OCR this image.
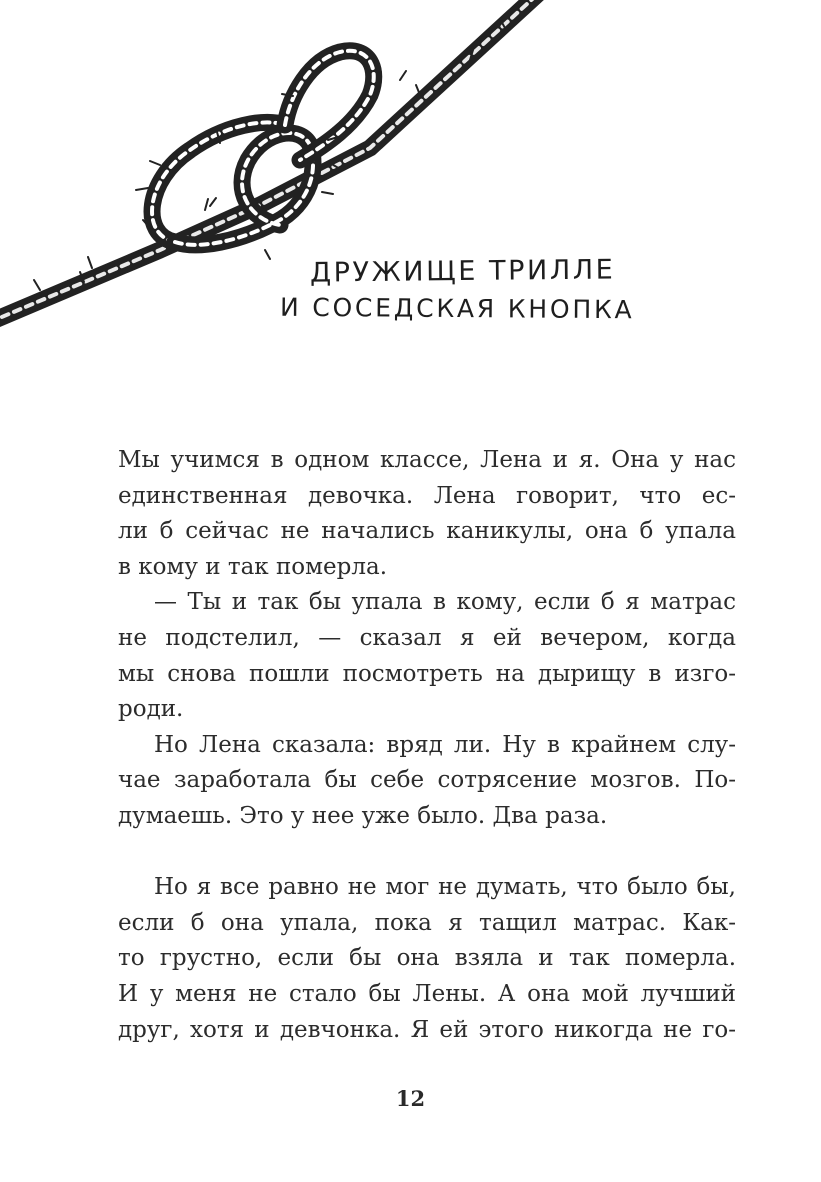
ДРУЖИЩЕ ТРИЛЛЕ
И СОСЕДСКАЯ КНОПКА
Мы учимся в одном классе, Лена и я. Она у нас
единственная девочка. Лена говорит, что ес-
ли б сейчас не начались каникулы, она б упала
в кому и так померла.
— Ты и так бы упала в кому, если б я матрас
не подстелил, — сказал я ей вечером, когда
мы снова пошли посмотреть на дырищу в изго-
роди.
Но Лена сказала: вряд ли. Ну в крайнем слу-
чае заработала бы себе сотрясение мозгов. По-
думаешь. Это у нее уже было. Два раза.
Но я все равно не мог не думать, что было бы,
если б она упала, пока я тащил матрас. Как-
то грустно, если бы она взяла и так померла.
И у меня не стало бы Лены. А она мой лучший
друг, хотя и девчонка. Я ей этого никогда не го-
12
